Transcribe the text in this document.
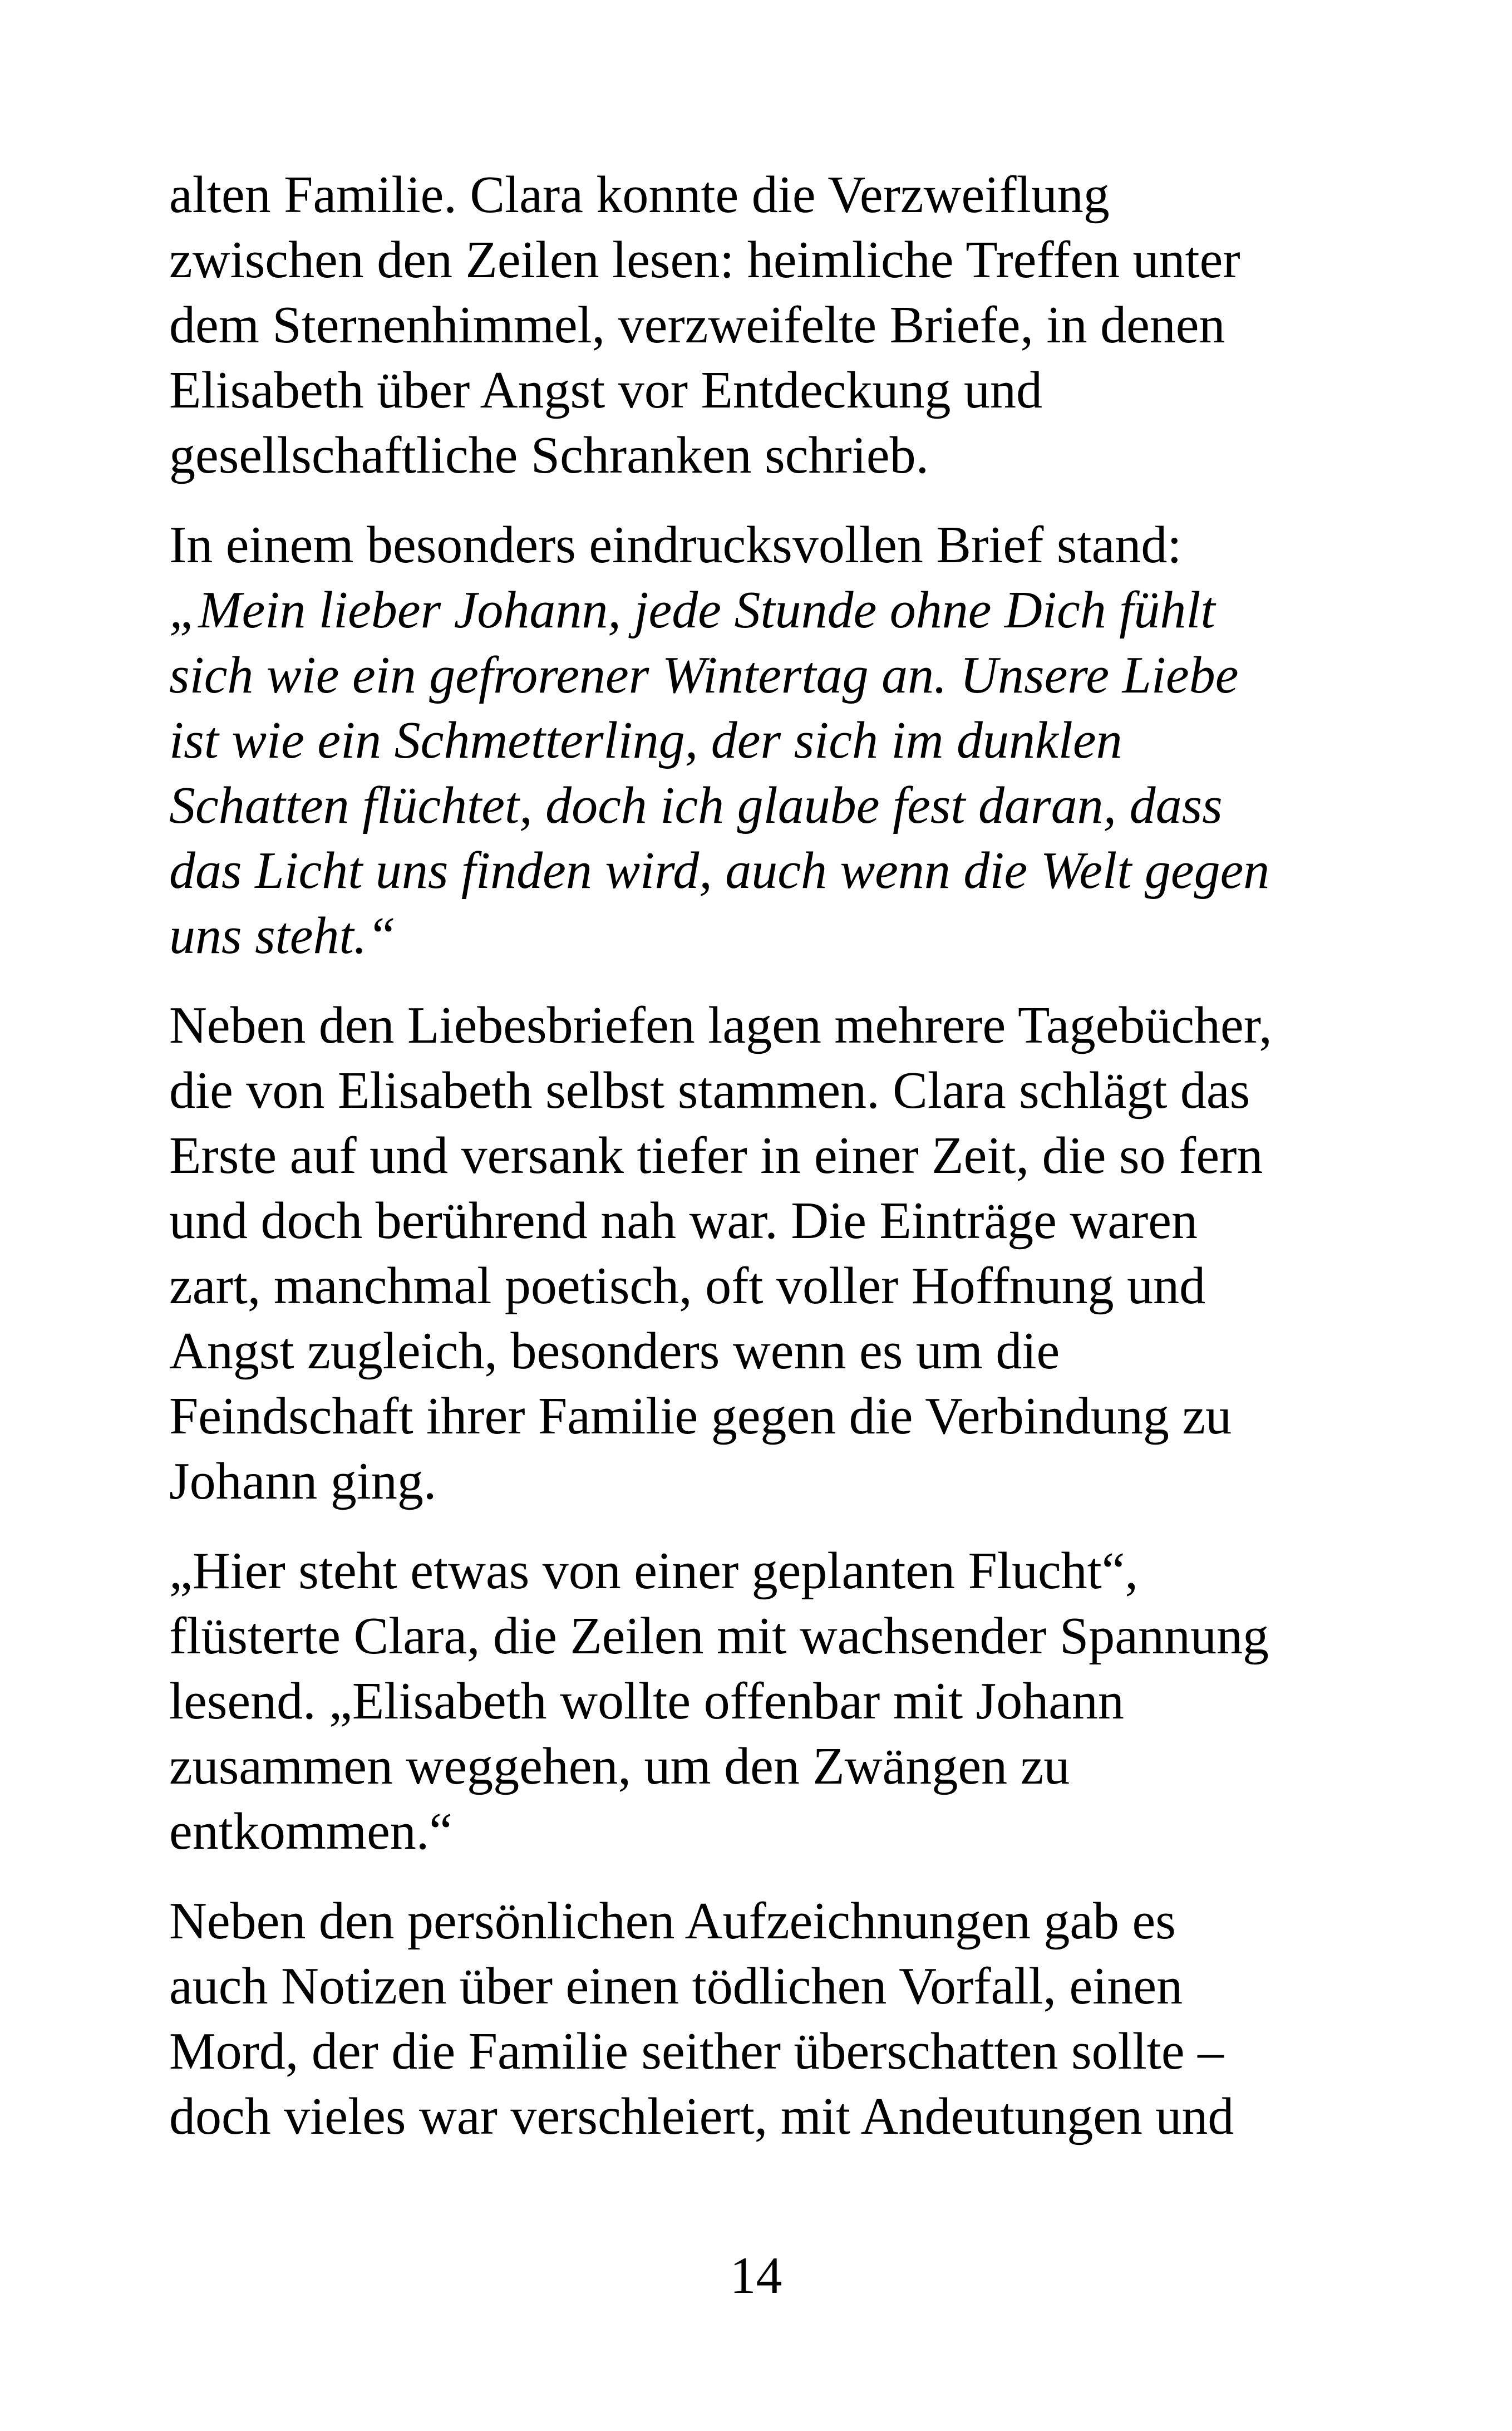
alten Familie. Clara konnte die Verzweiflung
zwischen den Zeilen lesen: heimliche Treffen unter
dem Sternenhimmel, verzweifelte Briefe, in denen
Elisabeth über Angst vor Entdeckung und
gesellschaftliche Schranken schrieb.

In einem besonders eindrucksvollen Brief stand:
„Mein lieber Johann, jede Stunde ohne Dich fühlt
sich wie ein gefrorener Wintertag an. Unsere Liebe
ist wie ein Schmetterling, der sich im dunklen
Schatten flüchtet, doch ich glaube fest daran, dass
das Licht uns finden wird, auch wenn die Welt gegen
uns steht.“

Neben den Liebesbriefen lagen mehrere Tagebücher,
die von Elisabeth selbst stammen. Clara schlägt das
Erste auf und versank tiefer in einer Zeit, die so fern
und doch berührend nah war. Die Einträge waren
zart, manchmal poetisch, oft voller Hoffnung und
Angst zugleich, besonders wenn es um die
Feindschaft ihrer Familie gegen die Verbindung zu
Johann ging.

„Hier steht etwas von einer geplanten Flucht“,
flüsterte Clara, die Zeilen mit wachsender Spannung
lesend. „Elisabeth wollte offenbar mit Johann
zusammen weggehen, um den Zwängen zu
entkommen.“

Neben den persönlichen Aufzeichnungen gab es
auch Notizen über einen tödlichen Vorfall, einen
Mord, der die Familie seither überschatten sollte –
doch vieles war verschleiert, mit Andeutungen und

14
